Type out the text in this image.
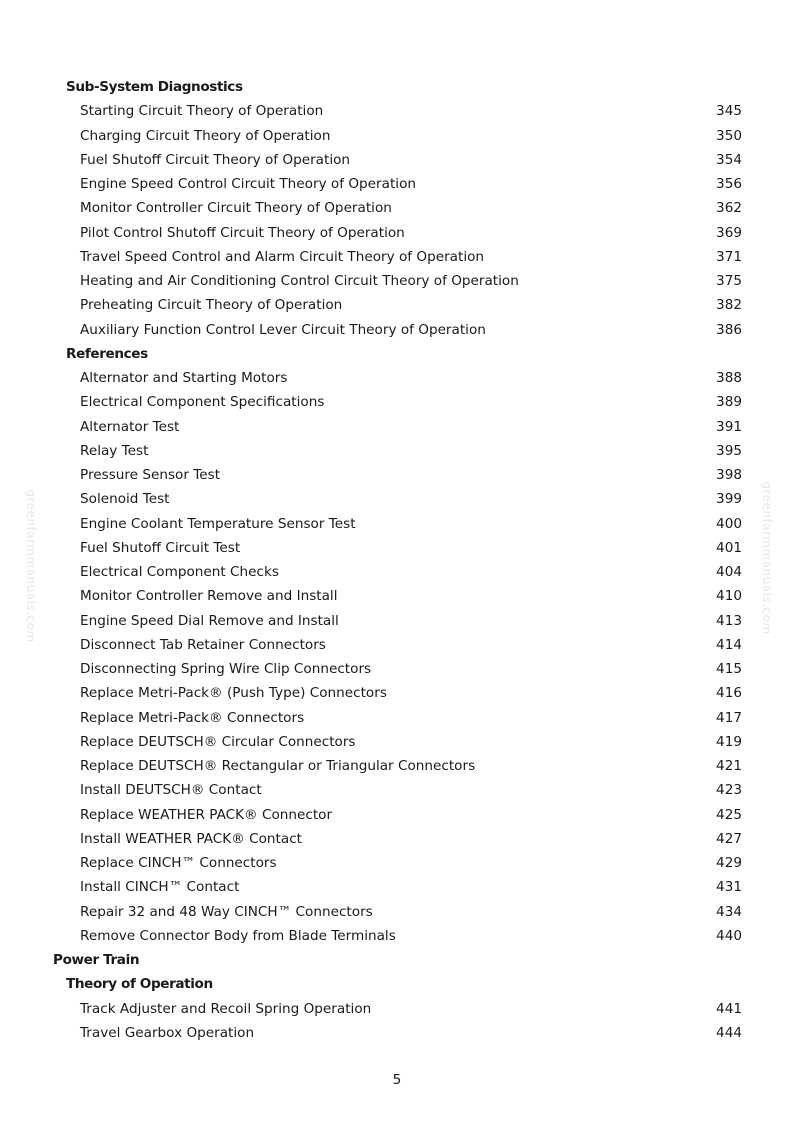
Sub-System Diagnostics
Starting Circuit Theory of Operation	345
Charging Circuit Theory of Operation	350
Fuel Shutoff Circuit Theory of Operation	354
Engine Speed Control Circuit Theory of Operation	356
Monitor Controller Circuit Theory of Operation	362
Pilot Control Shutoff Circuit Theory of Operation	369
Travel Speed Control and Alarm Circuit Theory of Operation	371
Heating and Air Conditioning Control Circuit Theory of Operation	375
Preheating Circuit Theory of Operation	382
Auxiliary Function Control Lever Circuit Theory of Operation	386
References
Alternator and Starting Motors	388
Electrical Component Specifications	389
Alternator Test	391
Relay Test	395
Pressure Sensor Test	398
Solenoid Test	399
Engine Coolant Temperature Sensor Test	400
Fuel Shutoff Circuit Test	401
Electrical Component Checks	404
Monitor Controller Remove and Install	410
Engine Speed Dial Remove and Install	413
Disconnect Tab Retainer Connectors	414
Disconnecting Spring Wire Clip Connectors	415
Replace Metri-Pack® (Push Type) Connectors	416
Replace Metri-Pack® Connectors	417
Replace DEUTSCH® Circular Connectors	419
Replace DEUTSCH® Rectangular or Triangular Connectors	421
Install DEUTSCH® Contact	423
Replace WEATHER PACK® Connector	425
Install WEATHER PACK® Contact	427
Replace CINCH™ Connectors	429
Install CINCH™ Contact	431
Repair 32 and 48 Way CINCH™ Connectors	434
Remove Connector Body from Blade Terminals	440
Power Train
Theory of Operation
Track Adjuster and Recoil Spring Operation	441
Travel Gearbox Operation	444
greenfarmmanuals.com	greenfarmmanuals.com
5
